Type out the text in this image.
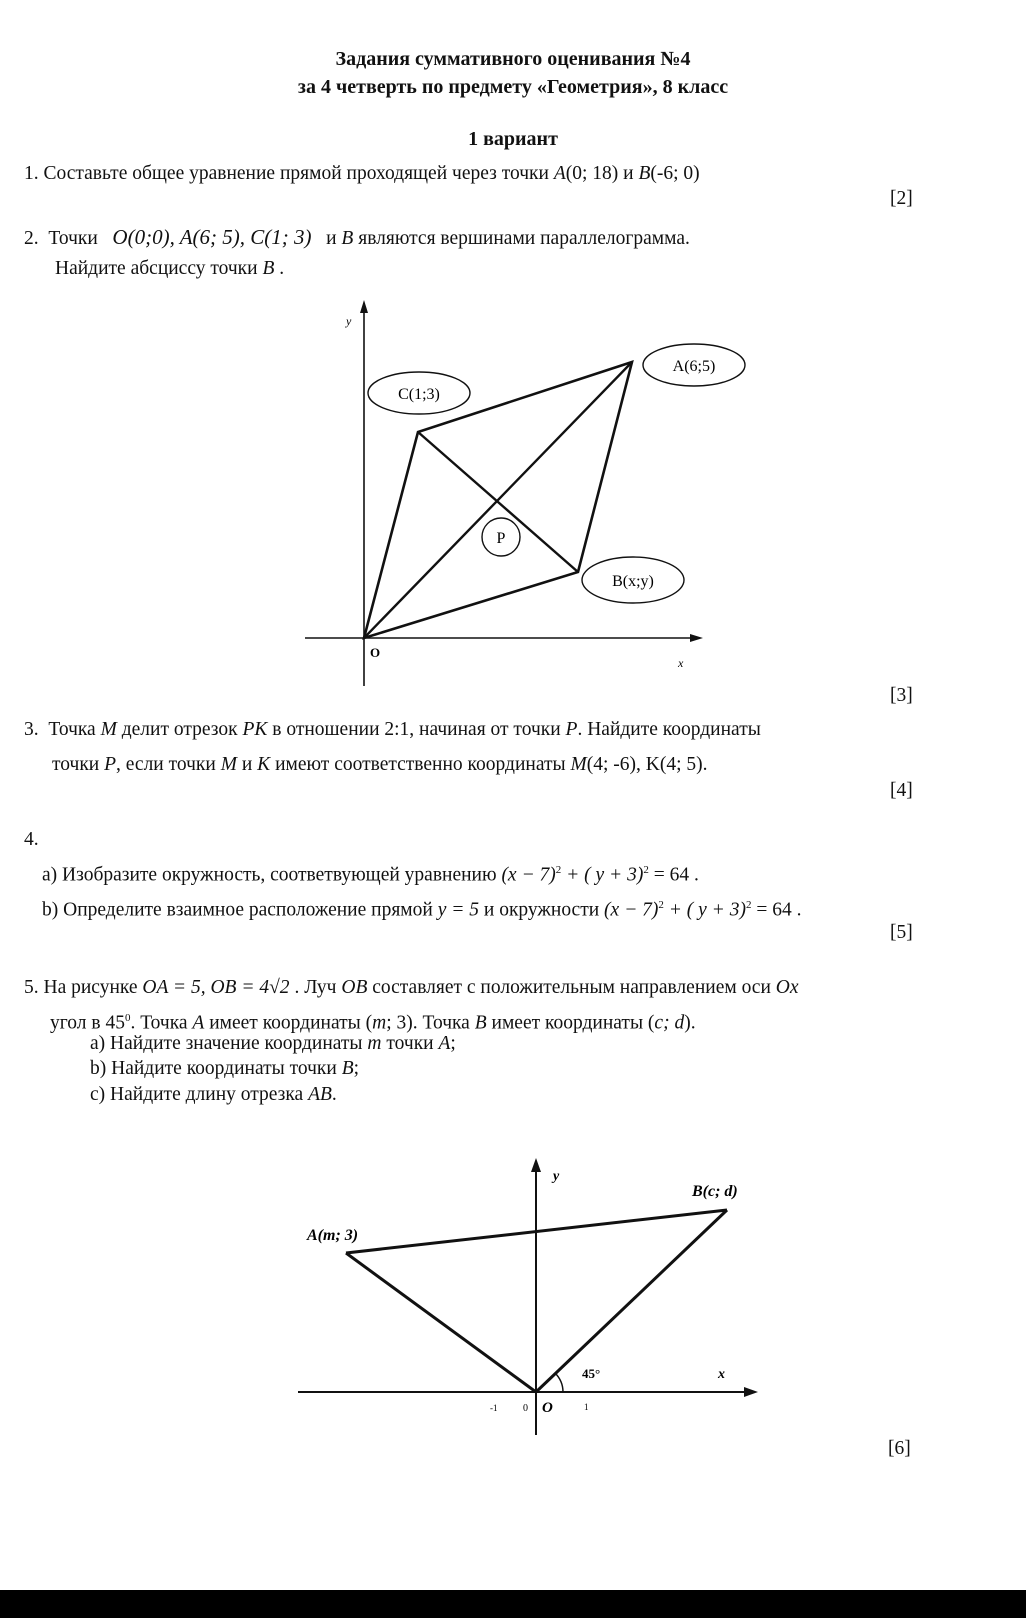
Задания суммативного оценивания №4
за 4 четверть по предмету «Геометрия», 8 класс
1 вариант
1. Составьте общее уравнение прямой проходящей через точки A(0; 18) и B(-6; 0)
[2]
2. Точки O(0;0), A(6; 5), C(1; 3) и B являются вершинами параллелограмма.
Найдите абсциссу точки B .
y
x
O
C(1;3)
A(6;5)
P
B(x;y)
[3]
3. Точка M делит отрезок PK в отношении 2:1, начиная от точки P. Найдите координаты
точки P, если точки M и K имеют соответственно координаты M(4; -6), K(4; 5).
[4]
4.
а) Изобразите окружность, соответвующей уравнению $(x - 7)^2$ + ( y + 3)$^2$ = 64 .
b) Определите взаимное расположение прямой y = 5 и окружности $(x - 7)^2$ + ( y + 3)$^2$ = 64 .
[5]
5. На рисунке OA = 5, OB = 4√2 . Луч OB составляет с положительным направлением оси Ox
угол в $45^0$. Точка A имеет координаты (m; 3). Точка B имеет координаты (c; d).
а) Найдите значение координаты m точки A;
b) Найдите координаты точки B;
c) Найдите длину отрезка AB.
y
x
45°
A(m; 3)
B(c; d)
-1	0 O	1
[6]
